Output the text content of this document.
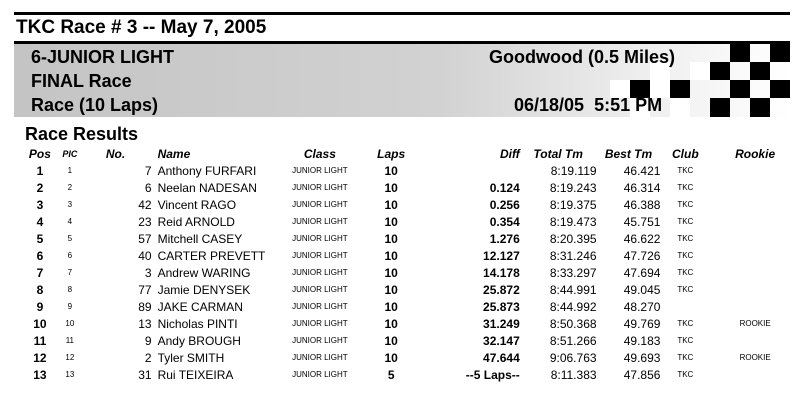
TKC Race # 3 -- May 7, 2005
6-JUNIOR LIGHT
FINAL Race
Race (10 Laps)
Goodwood (0.5 Miles)
06/18/05  5:51 PM
Race Results
Pos	PIC	No.	Name	Class	Laps	Diff	Total Tm	Best Tm	Club	Rookie
1	1	7	Anthony FURFARI	JUNIOR LIGHT	10		8:19.119	46.421	TKC	
2	2	6	Neelan NADESAN	JUNIOR LIGHT	10	0.124	8:19.243	46.314	TKC	
3	3	42	Vincent RAGO	JUNIOR LIGHT	10	0.256	8:19.375	46.388	TKC	
4	4	23	Reid ARNOLD	JUNIOR LIGHT	10	0.354	8:19.473	45.751	TKC	
5	5	57	Mitchell CASEY	JUNIOR LIGHT	10	1.276	8:20.395	46.622	TKC	
6	6	40	CARTER PREVETT	JUNIOR LIGHT	10	12.127	8:31.246	47.726	TKC	
7	7	3	Andrew WARING	JUNIOR LIGHT	10	14.178	8:33.297	47.694	TKC	
8	8	77	Jamie DENYSEK	JUNIOR LIGHT	10	25.872	8:44.991	49.045	TKC	
9	9	89	JAKE CARMAN	JUNIOR LIGHT	10	25.873	8:44.992	48.270		
10	10	13	Nicholas PINTI	JUNIOR LIGHT	10	31.249	8:50.368	49.769	TKC	ROOKIE
11	11	9	Andy BROUGH	JUNIOR LIGHT	10	32.147	8:51.266	49.183	TKC	
12	12	2	Tyler SMITH	JUNIOR LIGHT	10	47.644	9:06.763	49.693	TKC	ROOKIE
13	13	31	Rui TEIXEIRA	JUNIOR LIGHT	5	--5 Laps--	8:11.383	47.856	TKC	
